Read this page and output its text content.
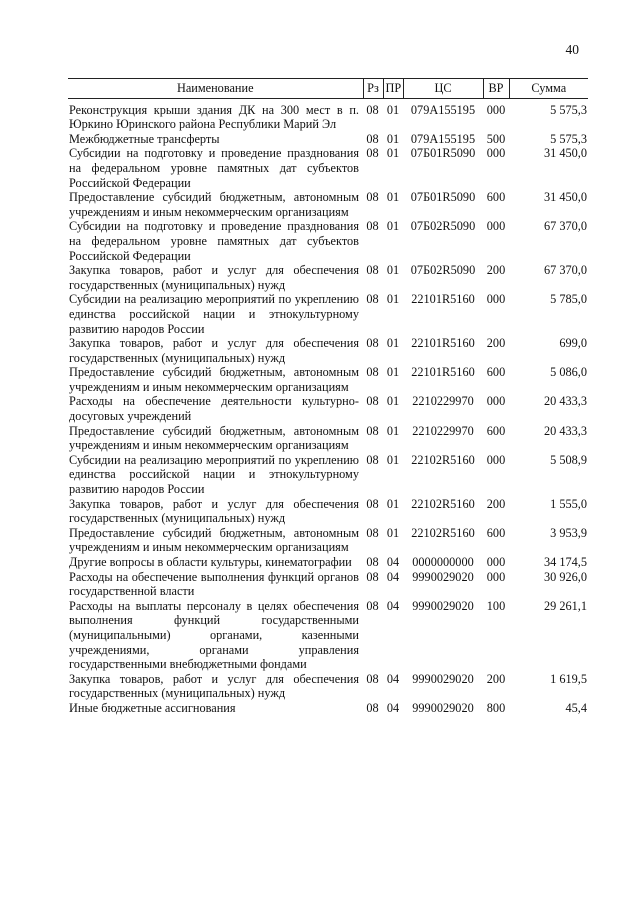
40
Наименование	Рз	ПР	ЦС	ВР	Сумма
Реконструкция крыши здания ДК на 300 мест в п. Юркино Юринского района Республики Марий Эл	08	01	079А155195	000	5 575,3
Межбюджетные трансферты	08	01	079А155195	500	5 575,3
Субсидии на подготовку и проведение празднования на федеральном уровне памятных дат субъектов Российской Федерации	08	01	07Б01R5090	000	31 450,0
Предоставление субсидий бюджетным, автономным учреждениям и иным некоммерческим организациям	08	01	07Б01R5090	600	31 450,0
Субсидии на подготовку и проведение празднования на федеральном уровне памятных дат субъектов Российской Федерации	08	01	07Б02R5090	000	67 370,0
Закупка товаров, работ и услуг для обеспечения государственных (муниципальных) нужд	08	01	07Б02R5090	200	67 370,0
Субсидии на реализацию мероприятий по укреплению единства российской нации и этнокультурному развитию народов России	08	01	22101R5160	000	5 785,0
Закупка товаров, работ и услуг для обеспечения государственных (муниципальных) нужд	08	01	22101R5160	200	699,0
Предоставление субсидий бюджетным, автономным учреждениям и иным некоммерческим организациям	08	01	22101R5160	600	5 086,0
Расходы на обеспечение деятельности культурно-досуговых учреждений	08	01	2210229970	000	20 433,3
Предоставление субсидий бюджетным, автономным учреждениям и иным некоммерческим организациям	08	01	2210229970	600	20 433,3
Субсидии на реализацию мероприятий по укреплению единства российской нации и этнокультурному развитию народов России	08	01	22102R5160	000	5 508,9
Закупка товаров, работ и услуг для обеспечения государственных (муниципальных) нужд	08	01	22102R5160	200	1 555,0
Предоставление субсидий бюджетным, автономным учреждениям и иным некоммерческим организациям	08	01	22102R5160	600	3 953,9
Другие вопросы в области культуры, кинематографии	08	04	0000000000	000	34 174,5
Расходы на обеспечение выполнения функций органов государственной власти	08	04	9990029020	000	30 926,0
Расходы на выплаты персоналу в целях обеспечения выполнения функций государственными (муниципальными) органами, казенными учреждениями, органами управления государственными внебюджетными фондами	08	04	9990029020	100	29 261,1
Закупка товаров, работ и услуг для обеспечения государственных (муниципальных) нужд	08	04	9990029020	200	1 619,5
Иные бюджетные ассигнования	08	04	9990029020	800	45,4
